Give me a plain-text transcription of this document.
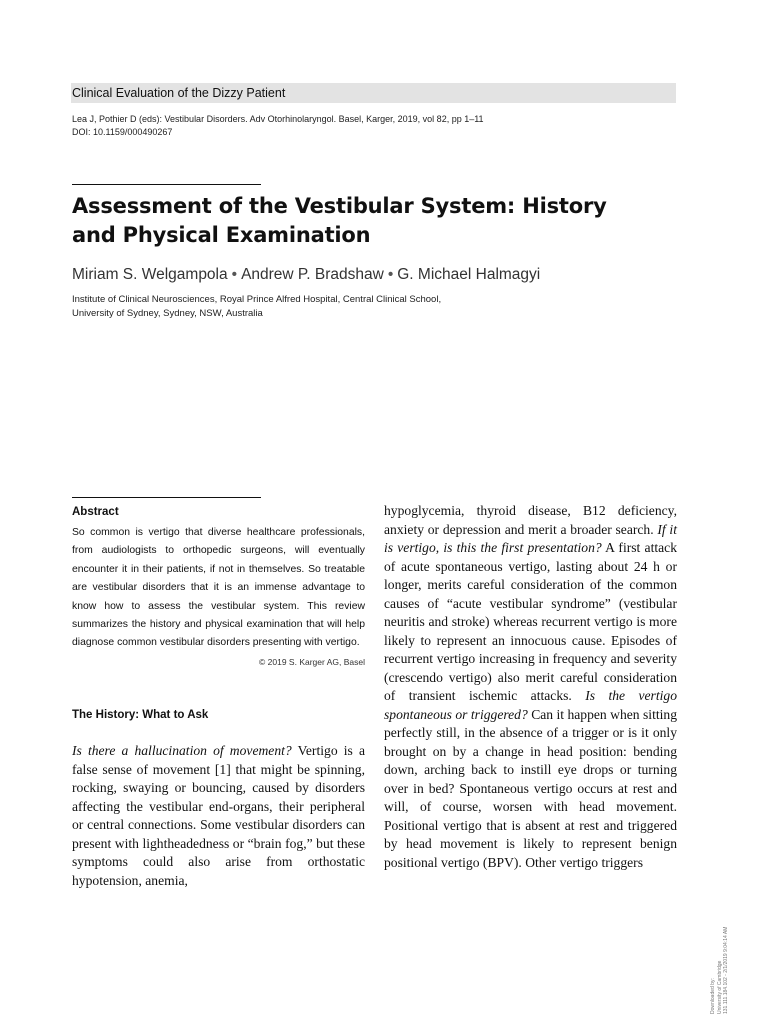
Clinical Evaluation of the Dizzy Patient
Lea J, Pothier D (eds): Vestibular Disorders. Adv Otorhinolaryngol. Basel, Karger, 2019, vol 82, pp 1–11
DOI: 10.1159/000490267
Assessment of the Vestibular System: History
and Physical Examination
Miriam S. Welgampola • Andrew P. Bradshaw • G. Michael Halmagyi
Institute of Clinical Neurosciences, Royal Prince Alfred Hospital, Central Clinical School,
University of Sydney, Sydney, NSW, Australia
Abstract
So common is vertigo that diverse healthcare professionals, from audiologists to orthopedic surgeons, will eventually encounter it in their patients, if not in themselves. So treatable are vestibular disorders that it is an immense advantage to know how to assess the vestibular system. This review summarizes the history and physical examination that will help diagnose common vestibular disorders presenting with vertigo.
© 2019 S. Karger AG, Basel
The History: What to Ask
Is there a hallucination of movement? Vertigo is a false sense of movement [1] that might be spinning, rocking, swaying or bouncing, caused by disorders affecting the vestibular end-organs, their peripheral or central connections. Some vestibular disorders can present with lightheadedness or “brain fog,” but these symptoms could also arise from orthostatic hypotension, anemia,
hypoglycemia, thyroid disease, B12 deficiency, anxiety or depression and merit a broader search. If it is vertigo, is this the first presentation? A first attack of acute spontaneous vertigo, lasting about 24 h or longer, merits careful consideration of the common causes of “acute vestibular syndrome” (vestibular neuritis and stroke) whereas recurrent vertigo is more likely to represent an innocuous cause. Episodes of recurrent vertigo increasing in frequency and severity (crescendo vertigo) also merit careful consideration of transient ischemic attacks. Is the vertigo spontaneous or triggered? Can it happen when sitting perfectly still, in the absence of a trigger or is it only brought on by a change in head position: bending down, arching back to instill eye drops or turning over in bed? Spontaneous vertigo occurs at rest and will, of course, worsen with head movement. Positional vertigo that is absent at rest and triggered by head movement is likely to represent benign positional vertigo (BPV). Other vertigo triggers
Downloaded by: University of Cambridge 131.111.184.102 - 2/1/2019 9:04:14 AM
